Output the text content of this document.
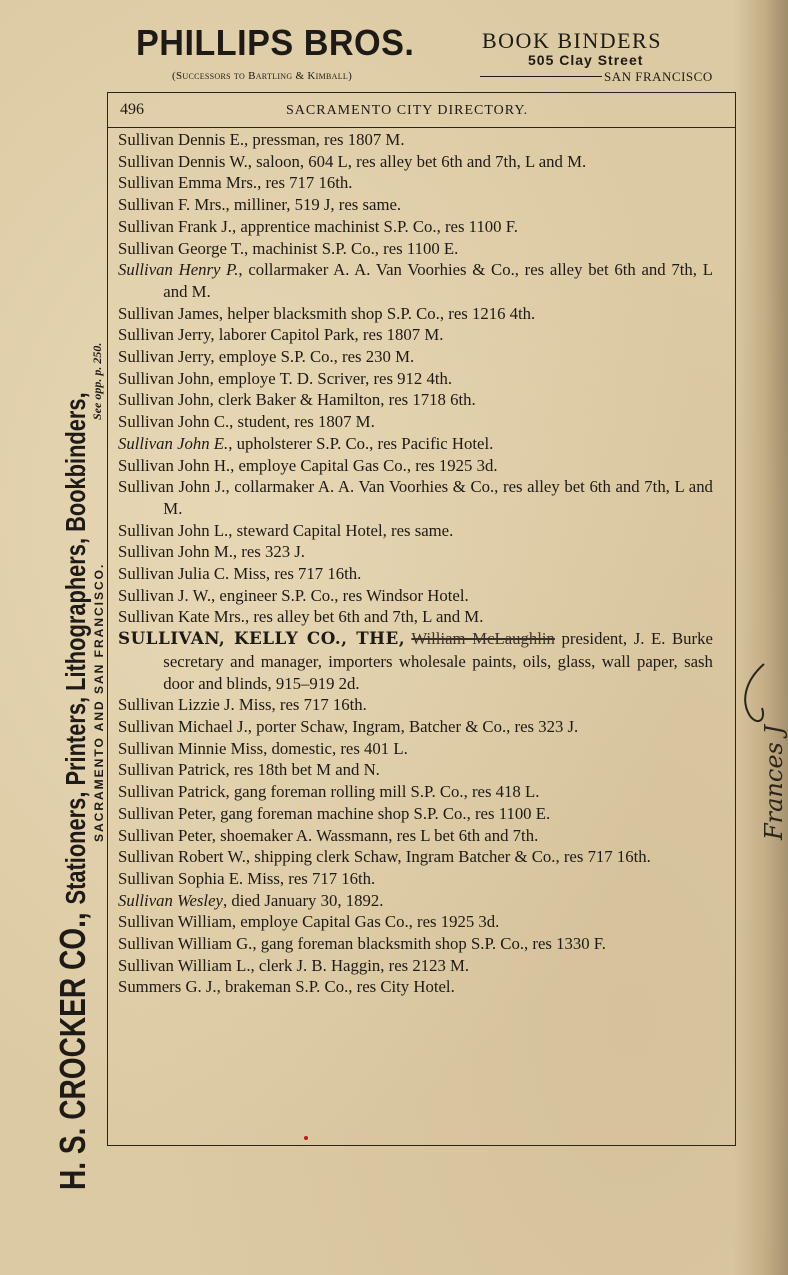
PHILLIPS BROS.	BOOK BINDERS
505 Clay Street
(Successors to Bartling & Kimball)	SAN FRANCISCO
H. S. CROCKER CO., Stationers, Printers, Lithographers, Bookbinders, SACRAMENTO AND SAN FRANCISCO.
See opp. p. 250.
496	SACRAMENTO CITY DIRECTORY.
Sullivan Dennis E., pressman, res 1807 M.
Sullivan Dennis W., saloon, 604 L, res alley bet 6th and 7th, L and M.
Sullivan Emma Mrs., res 717 16th.
Sullivan F. Mrs., milliner, 519 J, res same.
Sullivan Frank J., apprentice machinist S.P. Co., res 1100 F.
Sullivan George T., machinist S.P. Co., res 1100 E.
Sullivan Henry P., collarmaker A. A. Van Voorhies & Co., res alley bet 6th and 7th, L and M.
Sullivan James, helper blacksmith shop S.P. Co., res 1216 4th.
Sullivan Jerry, laborer Capitol Park, res 1807 M.
Sullivan Jerry, employe S.P. Co., res 230 M.
Sullivan John, employe T. D. Scriver, res 912 4th.
Sullivan John, clerk Baker & Hamilton, res 1718 6th.
Sullivan John C., student, res 1807 M.
Sullivan John E., upholsterer S.P. Co., res Pacific Hotel.
Sullivan John H., employe Capital Gas Co., res 1925 3d.
Sullivan John J., collarmaker A. A. Van Voorhies & Co., res alley bet 6th and 7th, L and M.
Sullivan John L., steward Capital Hotel, res same.
Sullivan John M., res 323 J.
Sullivan Julia C. Miss, res 717 16th.
Sullivan J. W., engineer S.P. Co., res Windsor Hotel.
Sullivan Kate Mrs., res alley bet 6th and 7th, L and M.
SULLIVAN, KELLY CO., THE, William McLaughlin president, J. E. Burke secretary and manager, importers wholesale paints, oils, glass, wall paper, sash door and blinds, 915–919 2d.
Sullivan Lizzie J. Miss, res 717 16th.
Sullivan Michael J., porter Schaw, Ingram, Batcher & Co., res 323 J.
Sullivan Minnie Miss, domestic, res 401 L.
Sullivan Patrick, res 18th bet M and N.
Sullivan Patrick, gang foreman rolling mill S.P. Co., res 418 L.
Sullivan Peter, gang foreman machine shop S.P. Co., res 1100 E.
Sullivan Peter, shoemaker A. Wassmann, res L bet 6th and 7th.
Sullivan Robert W., shipping clerk Schaw, Ingram Batcher & Co., res 717 16th.
Sullivan Sophia E. Miss, res 717 16th.
Sullivan Wesley, died January 30, 1892.
Sullivan William, employe Capital Gas Co., res 1925 3d.
Sullivan William G., gang foreman blacksmith shop S.P. Co., res 1330 F.
Sullivan William L., clerk J. B. Haggin, res 2123 M.
Summers G. J., brakeman S.P. Co., res City Hotel.
Frances J
